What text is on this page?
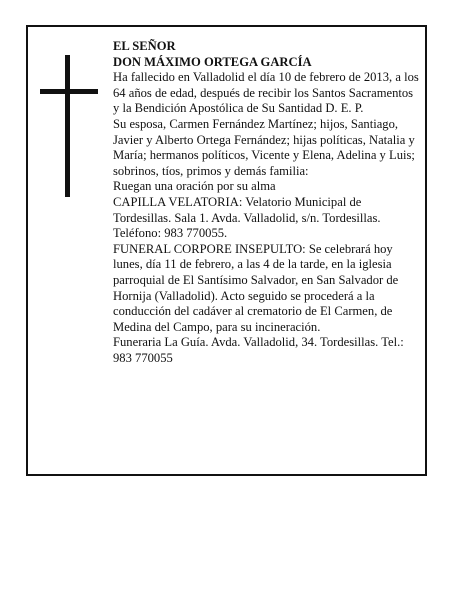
EL SEÑOR
DON MÁXIMO ORTEGA GARCÍA

Ha fallecido en Valladolid el día 10 de febrero de 2013, a los 64 años de edad, después de recibir los Santos Sacramentos y la Bendición Apostólica de Su Santidad D. E. P.

Su esposa, Carmen Fernández Martínez; hijos, Santiago, Javier y Alberto Ortega Fernández; hijas políticas, Natalia y María; hermanos políticos, Vicente y Elena, Adelina y Luis; sobrinos, tíos, primos y demás familia:

Ruegan una oración por su alma

CAPILLA VELATORIA: Velatorio Municipal de Tordesillas. Sala 1. Avda. Valladolid, s/n. Tordesillas. Teléfono: 983 770055.

FUNERAL CORPORE INSEPULTO: Se celebrará hoy lunes, día 11 de febrero, a las 4 de la tarde, en la iglesia parroquial de El Santísimo Salvador, en San Salvador de Hornija (Valladolid). Acto seguido se procederá a la conducción del cadáver al crematorio de El Carmen, de Medina del Campo, para su incineración.

Funeraria La Guía. Avda. Valladolid, 34. Tordesillas. Tel.: 983 770055
